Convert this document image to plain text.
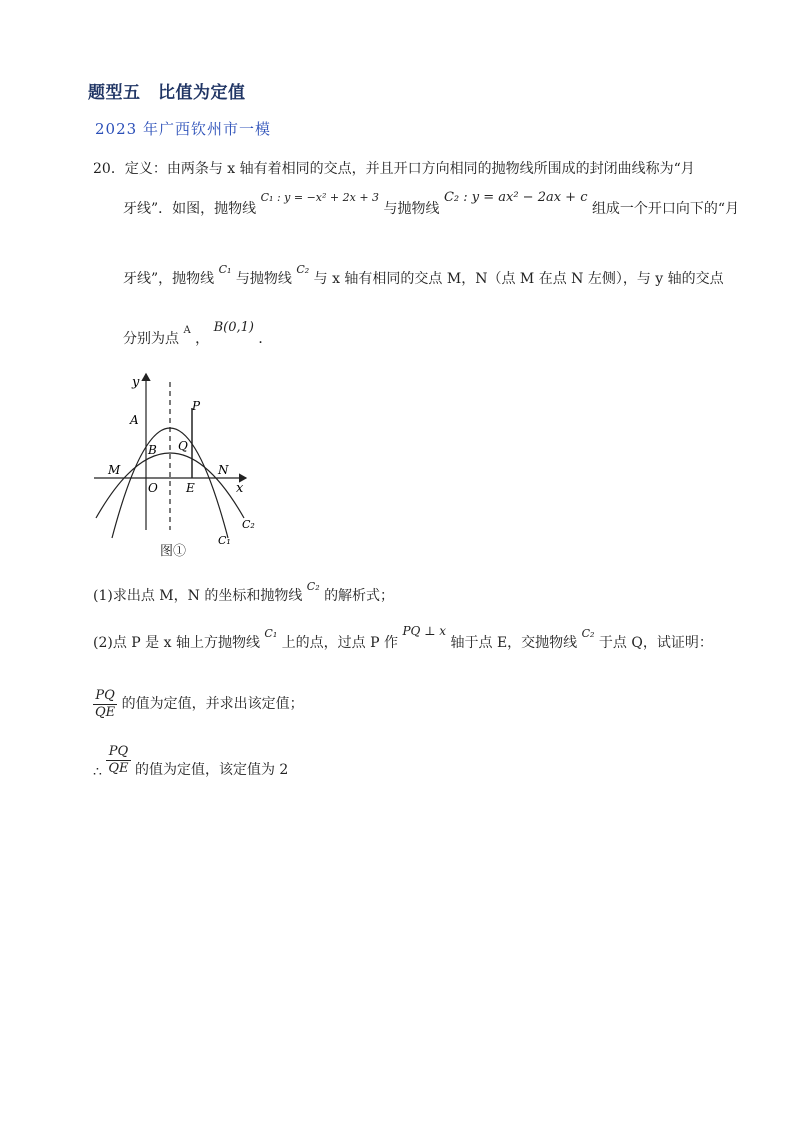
题型五　比值为定值
2023 年广西钦州市一模
20．定义：由两条与 x 轴有着相同的交点，并且开口方向相同的抛物线所围成的封闭曲线称为“月
牙线”．如图，抛物线 $^{C_1 : y = -x^2 + 2x + 3}$ 与抛物线 C₂ : y = ax² − 2ax + c 组成一个开口向下的“月
牙线”，抛物线 $^{C_1}$ 与抛物线 $^{C_2}$ 与 x 轴有相同的交点 M，N（点 M 在点 N 左侧），与 y 轴的交点
分别为点 $^A$ ， B(0,1) ．
y
A
P
B Q
M	N
O E	x
C₂
C₁
图①
(1)求出点 M，N 的坐标和抛物线 $^{C_2}$ 的解析式；
(2)点 P 是 x 轴上方抛物线 $^{C_1}$ 上的点，过点 P 作 PQ ⊥ x 轴于点 E，交抛物线 $^{C_2}$ 于点 Q，试证明：
$\frac{PQ}{QE}$ 的值为定值，并求出该定值；
∴ $\frac{PQ}{QE}$ 的值为定值，该定值为 2
